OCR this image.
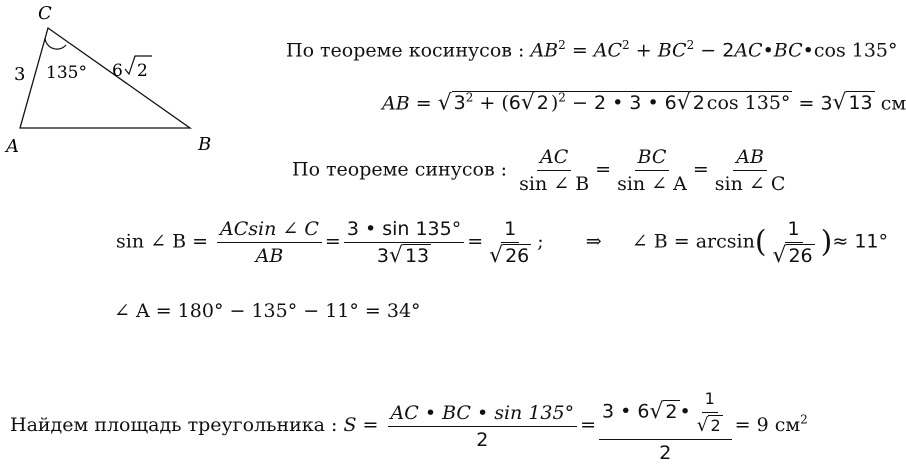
C
A	B
3 135° 6 2
По теореме косинусов : $AB^2 = AC^2 + BC^2$ − 2AC•BC•cos 135°
AB = √ $3^2 + (6√$ 2 )$^2$ − 2 • 3 • 6√ 2 cos 135° = 3√ 13 см
По теореме синусов : $\frac{AC}{\sin \angle B} = \frac{BC}{\sin \angle A} = \frac{AB}{\sin \angle C}$
sin ∠ $B = \frac{ACsin \angle C}{AB} = \frac{3 • \sin 135^\circ}{3√ 13} = \frac{1}{√ 26}$ ;  ⇒ ∠ $B = \arcsin( \frac{1}{√ 26}$ )≈ 11°
∠ A = 180° − 135° − 11° = 34°
Найдем площадь треугольника : $S = \frac{AC • BC • \sin 135^\circ}{2} = \frac{3 • 6√ 2 • \frac{1}{√ 2}}{2} = 9$ $см^2$
